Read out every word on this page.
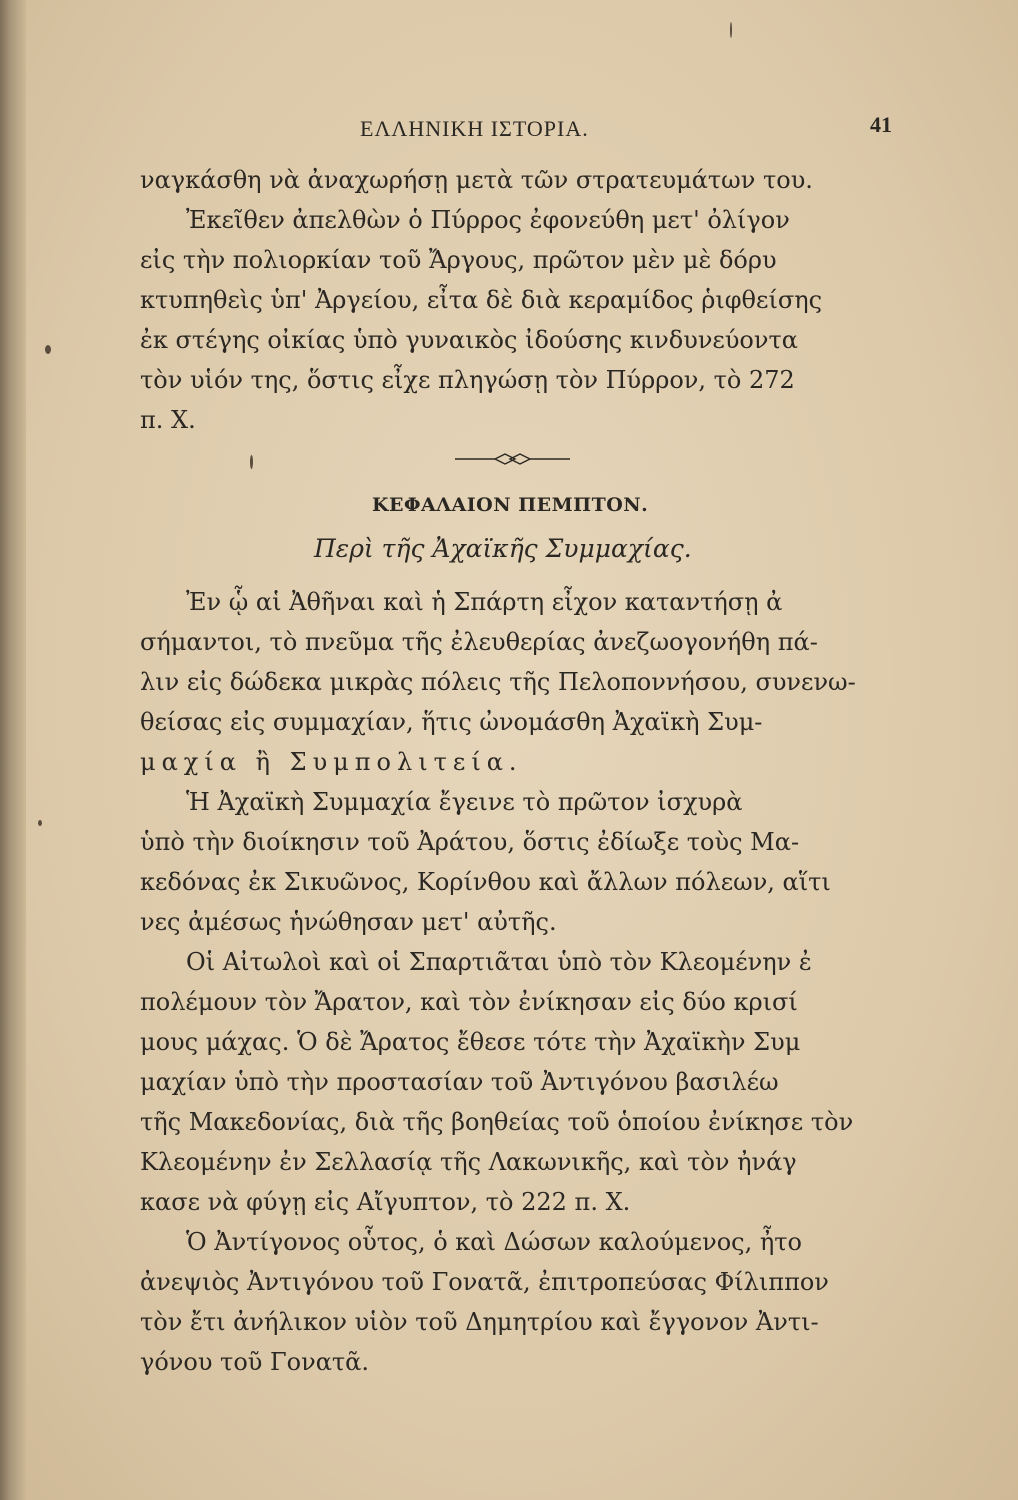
ΕΛΛΗΝΙΚΗ ΙΣΤΟΡΙΑ.	41
ναγκάσθη νὰ ἀναχωρήσῃ μετὰ τῶν στρατευμάτων του.
Ἐκεῖθεν ἀπελθὼν ὁ Πύρρος ἐφονεύθη μετ' ὀλίγον
εἰς τὴν πολιορκίαν τοῦ Ἄργους, πρῶτον μὲν μὲ δόρυ
κτυπηθεὶς ὑπ' Ἀργείου, εἶτα δὲ διὰ κεραμίδος ῥιφθείσης
ἐκ στέγης οἰκίας ὑπὸ γυναικὸς ἰδούσης κινδυνεύοντα
τὸν υἱόν της, ὅστις εἶχε πληγώσῃ τὸν Πύρρον, τὸ 272
π. Χ.
ΚΕΦΑΛΑΙΟΝ ΠΕΜΠΤΟΝ.
Περὶ τῆς Ἀχαϊκῆς Συμμαχίας.
Ἐν ᾧ αἱ Ἀθῆναι καὶ ἡ Σπάρτη εἶχον καταντήσῃ ἀ
σήμαντοι, τὸ πνεῦμα τῆς ἐλευθερίας ἀνεζωογονήθη πά-
λιν εἰς δώδεκα μικρὰς πόλεις τῆς Πελοποννήσου, συνενω-
θείσας εἰς συμμαχίαν, ἥτις ὠνομάσθη Ἀχαϊκὴ Συμ-
μαχία ἢ Συμπολιτεία.
Ἡ Ἀχαϊκὴ Συμμαχία ἔγεινε τὸ πρῶτον ἰσχυρὰ
ὑπὸ τὴν διοίκησιν τοῦ Ἀράτου, ὅστις ἐδίωξε τοὺς Μα-
κεδόνας ἐκ Σικυῶνος, Κορίνθου καὶ ἄλλων πόλεων, αἵτι
νες ἀμέσως ἡνώθησαν μετ' αὐτῆς.
Οἱ Αἰτωλοὶ καὶ οἱ Σπαρτιᾶται ὑπὸ τὸν Κλεομένην ἐ
πολέμουν τὸν Ἄρατον, καὶ τὸν ἐνίκησαν εἰς δύο κρισί
μους μάχας. Ὁ δὲ Ἄρατος ἔθεσε τότε τὴν Ἀχαϊκὴν Συμ
μαχίαν ὑπὸ τὴν προστασίαν τοῦ Ἀντιγόνου βασιλέω
τῆς Μακεδονίας, διὰ τῆς βοηθείας τοῦ ὁποίου ἐνίκησε τὸν
Κλεομένην ἐν Σελλασίᾳ τῆς Λακωνικῆς, καὶ τὸν ἠνάγ
κασε νὰ φύγῃ εἰς Αἴγυπτον, τὸ 222 π. Χ.
Ὁ Ἀντίγονος οὗτος, ὁ καὶ Δώσων καλούμενος, ἦτο
ἀνεψιὸς Ἀντιγόνου τοῦ Γονατᾶ, ἐπιτροπεύσας Φίλιππον
τὸν ἔτι ἀνήλικον υἱὸν τοῦ Δημητρίου καὶ ἔγγονον Ἀντι-
γόνου τοῦ Γονατᾶ.
